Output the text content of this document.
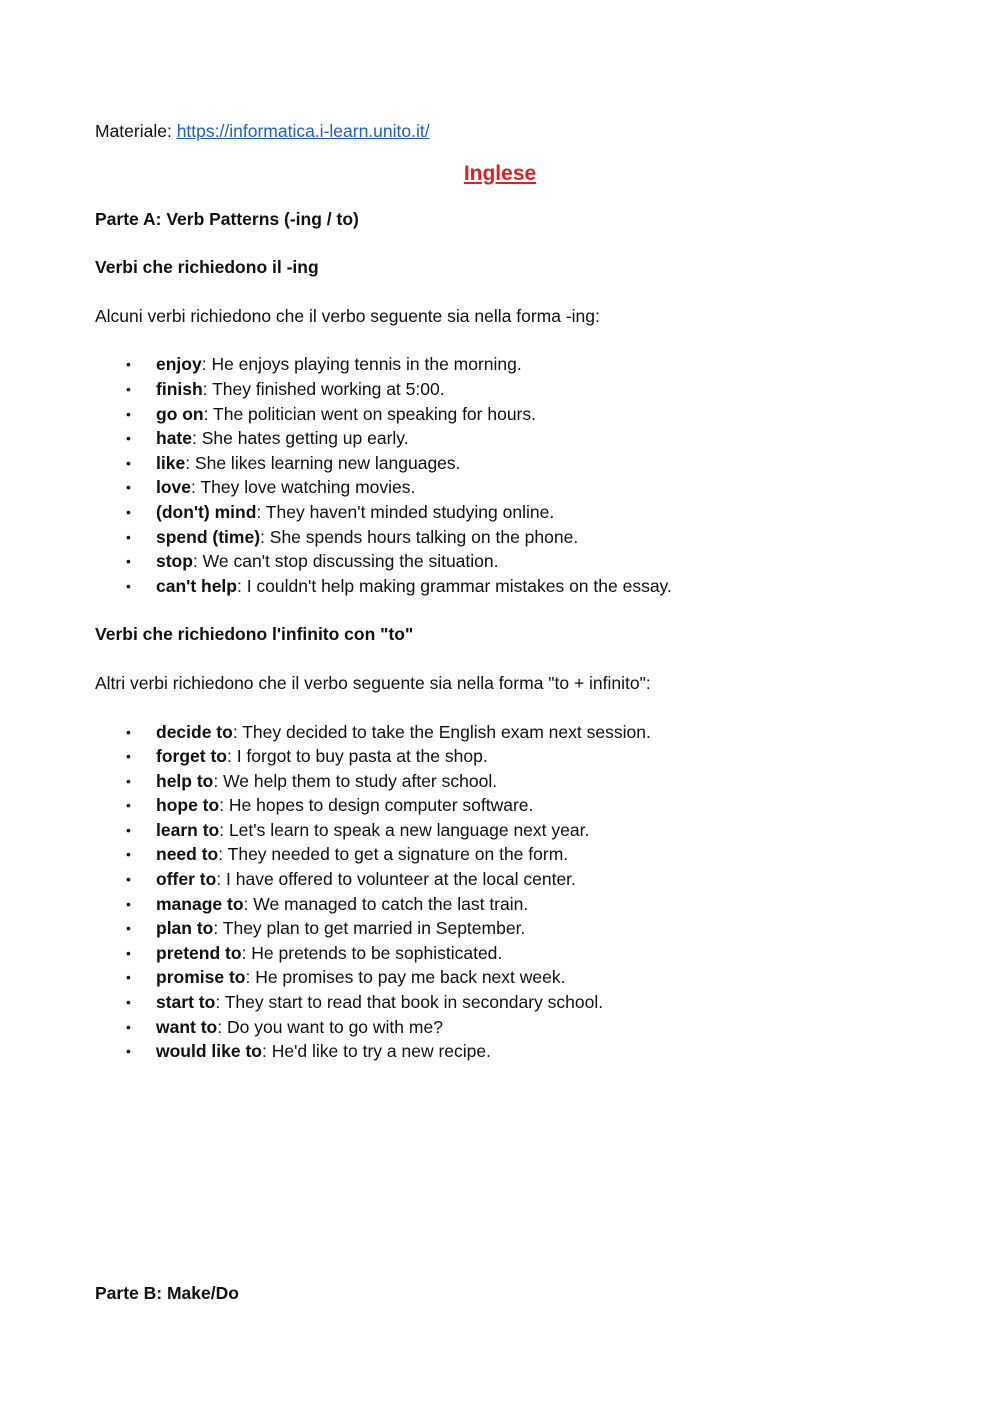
Materiale: https://informatica.i-learn.unito.it/

Inglese

Parte A: Verb Patterns (-ing / to)

Verbi che richiedono il -ing

Alcuni verbi richiedono che il verbo seguente sia nella forma -ing:

• enjoy: He enjoys playing tennis in the morning.
• finish: They finished working at 5:00.
• go on: The politician went on speaking for hours.
• hate: She hates getting up early.
• like: She likes learning new languages.
• love: They love watching movies.
• (don't) mind: They haven't minded studying online.
• spend (time): She spends hours talking on the phone.
• stop: We can't stop discussing the situation.
• can't help: I couldn't help making grammar mistakes on the essay.

Verbi che richiedono l'infinito con "to"

Altri verbi richiedono che il verbo seguente sia nella forma "to + infinito":

• decide to: They decided to take the English exam next session.
• forget to: I forgot to buy pasta at the shop.
• help to: We help them to study after school.
• hope to: He hopes to design computer software.
• learn to: Let's learn to speak a new language next year.
• need to: They needed to get a signature on the form.
• offer to: I have offered to volunteer at the local center.
• manage to: We managed to catch the last train.
• plan to: They plan to get married in September.
• pretend to: He pretends to be sophisticated.
• promise to: He promises to pay me back next week.
• start to: They start to read that book in secondary school.
• want to: Do you want to go with me?
• would like to: He'd like to try a new recipe.

Parte B: Make/Do
